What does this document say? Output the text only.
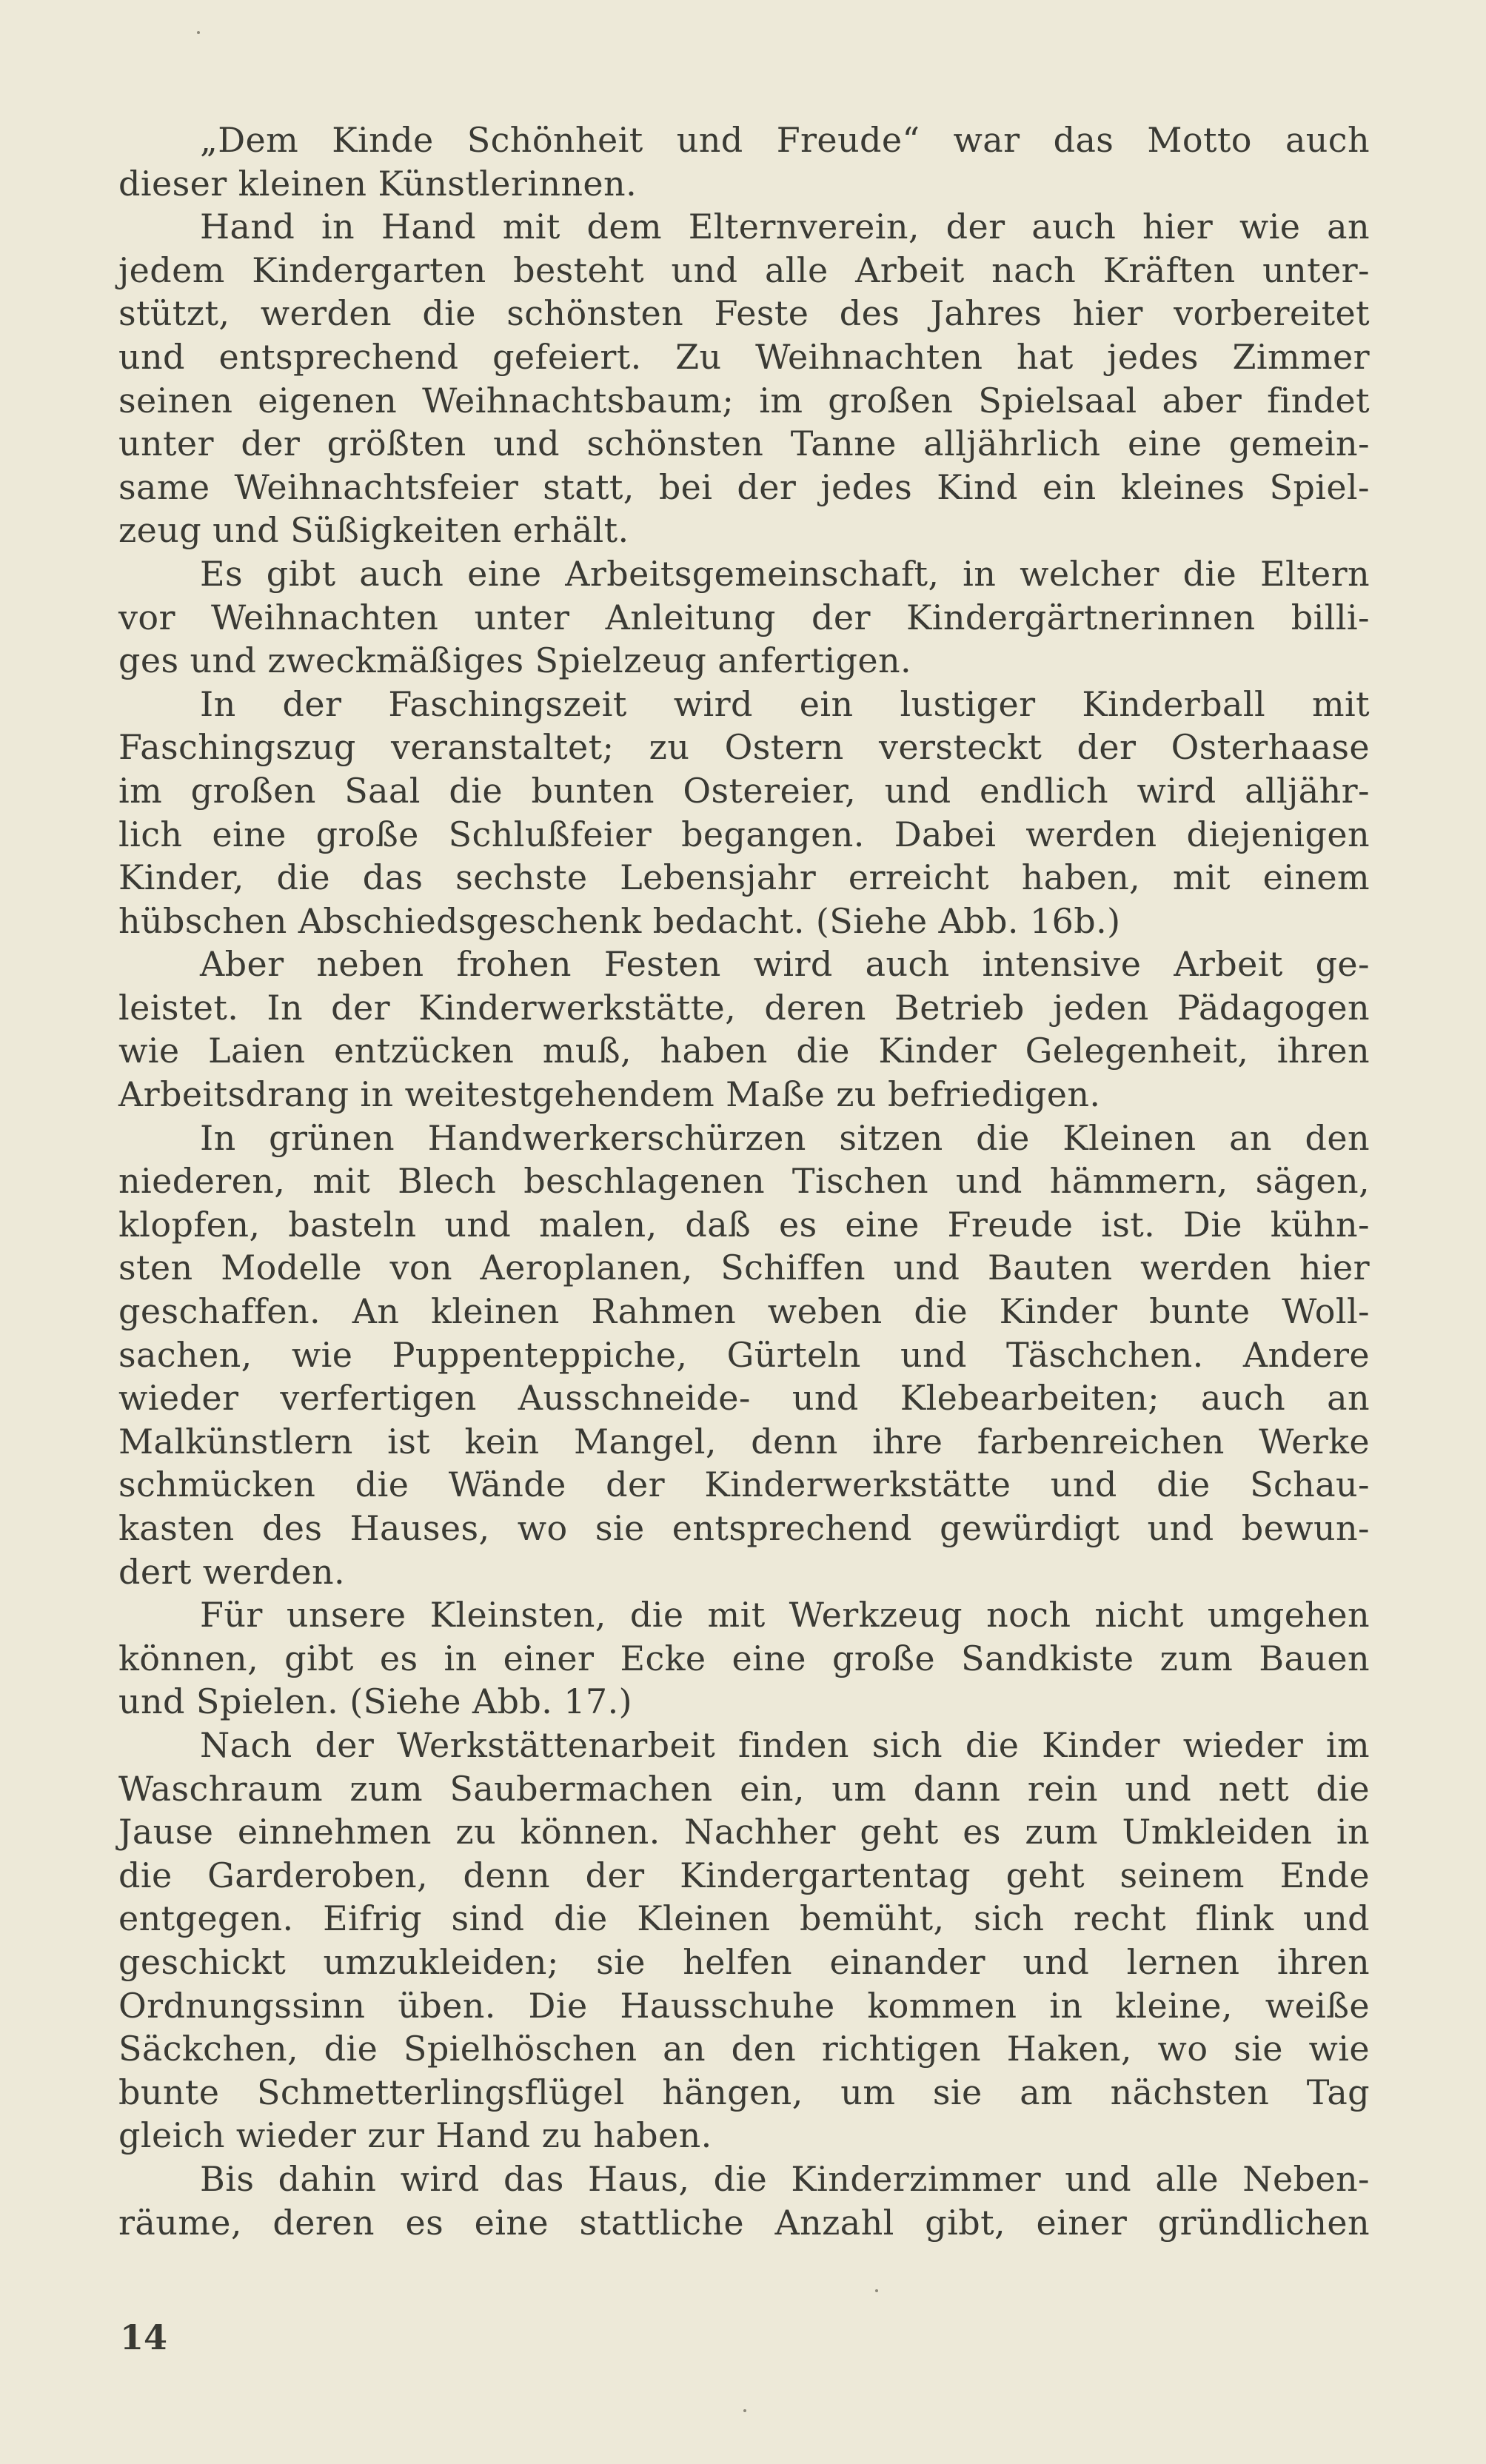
„Dem Kinde Schönheit und Freude“ war das Motto auch
dieser kleinen Künstlerinnen.
Hand in Hand mit dem Elternverein, der auch hier wie an
jedem Kindergarten besteht und alle Arbeit nach Kräften unter-
stützt, werden die schönsten Feste des Jahres hier vorbereitet
und entsprechend gefeiert. Zu Weihnachten hat jedes Zimmer
seinen eigenen Weihnachtsbaum; im großen Spielsaal aber findet
unter der größten und schönsten Tanne alljährlich eine gemein-
same Weihnachtsfeier statt, bei der jedes Kind ein kleines Spiel-
zeug und Süßigkeiten erhält.
Es gibt auch eine Arbeitsgemeinschaft, in welcher die Eltern
vor Weihnachten unter Anleitung der Kindergärtnerinnen billi-
ges und zweckmäßiges Spielzeug anfertigen.
In der Faschingszeit wird ein lustiger Kinderball mit
Faschingszug veranstaltet; zu Ostern versteckt der Osterhaase
im großen Saal die bunten Ostereier, und endlich wird alljähr-
lich eine große Schlußfeier begangen. Dabei werden diejenigen
Kinder, die das sechste Lebensjahr erreicht haben, mit einem
hübschen Abschiedsgeschenk bedacht. (Siehe Abb. 16b.)
Aber neben frohen Festen wird auch intensive Arbeit ge-
leistet. In der Kinderwerkstätte, deren Betrieb jeden Pädagogen
wie Laien entzücken muß, haben die Kinder Gelegenheit, ihren
Arbeitsdrang in weitestgehendem Maße zu befriedigen.
In grünen Handwerkerschürzen sitzen die Kleinen an den
niederen, mit Blech beschlagenen Tischen und hämmern, sägen,
klopfen, basteln und malen, daß es eine Freude ist. Die kühn-
sten Modelle von Aeroplanen, Schiffen und Bauten werden hier
geschaffen. An kleinen Rahmen weben die Kinder bunte Woll-
sachen, wie Puppenteppiche, Gürteln und Täschchen. Andere
wieder verfertigen Ausschneide- und Klebearbeiten; auch an
Malkünstlern ist kein Mangel, denn ihre farbenreichen Werke
schmücken die Wände der Kinderwerkstätte und die Schau-
kasten des Hauses, wo sie entsprechend gewürdigt und bewun-
dert werden.
Für unsere Kleinsten, die mit Werkzeug noch nicht umgehen
können, gibt es in einer Ecke eine große Sandkiste zum Bauen
und Spielen. (Siehe Abb. 17.)
Nach der Werkstättenarbeit finden sich die Kinder wieder im
Waschraum zum Saubermachen ein, um dann rein und nett die
Jause einnehmen zu können. Nachher geht es zum Umkleiden in
die Garderoben, denn der Kindergartentag geht seinem Ende
entgegen. Eifrig sind die Kleinen bemüht, sich recht flink und
geschickt umzukleiden; sie helfen einander und lernen ihren
Ordnungssinn üben. Die Hausschuhe kommen in kleine, weiße
Säckchen, die Spielhöschen an den richtigen Haken, wo sie wie
bunte Schmetterlingsflügel hängen, um sie am nächsten Tag
gleich wieder zur Hand zu haben.
Bis dahin wird das Haus, die Kinderzimmer und alle Neben-
räume, deren es eine stattliche Anzahl gibt, einer gründlichen
14
